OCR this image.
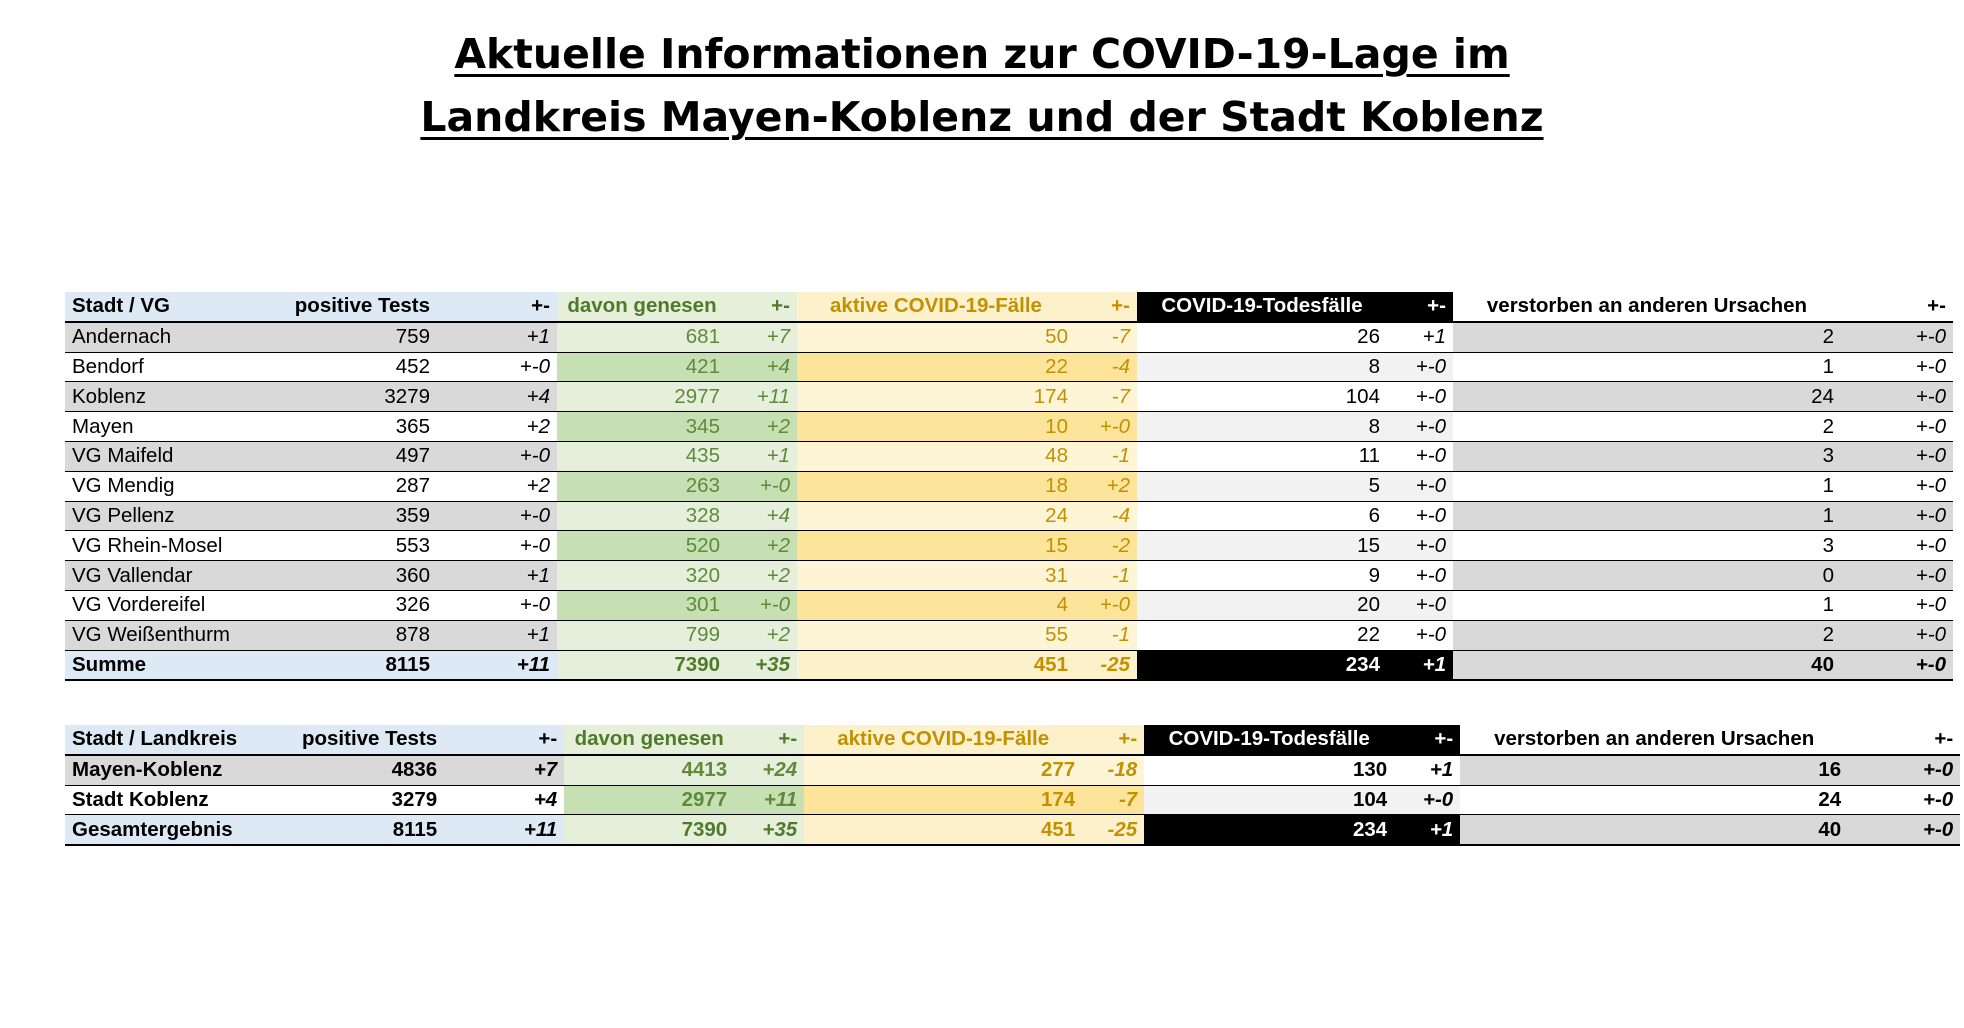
Aktuelle Informationen zur COVID-19-Lage im
Landkreis Mayen-Koblenz und der Stadt Koblenz
Stadt / VG	positive Tests	+-	davon genesen	+-	aktive COVID-19-Fälle	+-	COVID-19-Todesfälle	+-	verstorben an anderen Ursachen	+-
Andernach	759	+1	681	+7	50	-7	26	+1	2	+-0
Bendorf	452	+-0	421	+4	22	-4	8	+-0	1	+-0
Koblenz	3279	+4	2977	+11	174	-7	104	+-0	24	+-0
Mayen	365	+2	345	+2	10	+-0	8	+-0	2	+-0
VG Maifeld	497	+-0	435	+1	48	-1	11	+-0	3	+-0
VG Mendig	287	+2	263	+-0	18	+2	5	+-0	1	+-0
VG Pellenz	359	+-0	328	+4	24	-4	6	+-0	1	+-0
VG Rhein-Mosel	553	+-0	520	+2	15	-2	15	+-0	3	+-0
VG Vallendar	360	+1	320	+2	31	-1	9	+-0	0	+-0
VG Vordereifel	326	+-0	301	+-0	4	+-0	20	+-0	1	+-0
VG Weißenthurm	878	+1	799	+2	55	-1	22	+-0	2	+-0
Summe	8115	+11	7390	+35	451	-25	234	+1	40	+-0
Stadt / Landkreis	positive Tests	+-	davon genesen	+-	aktive COVID-19-Fälle	+-	COVID-19-Todesfälle	+-	verstorben an anderen Ursachen	+-
Mayen-Koblenz	4836	+7	4413	+24	277	-18	130	+1	16	+-0
Stadt Koblenz	3279	+4	2977	+11	174	-7	104	+-0	24	+-0
Gesamtergebnis	8115	+11	7390	+35	451	-25	234	+1	40	+-0
